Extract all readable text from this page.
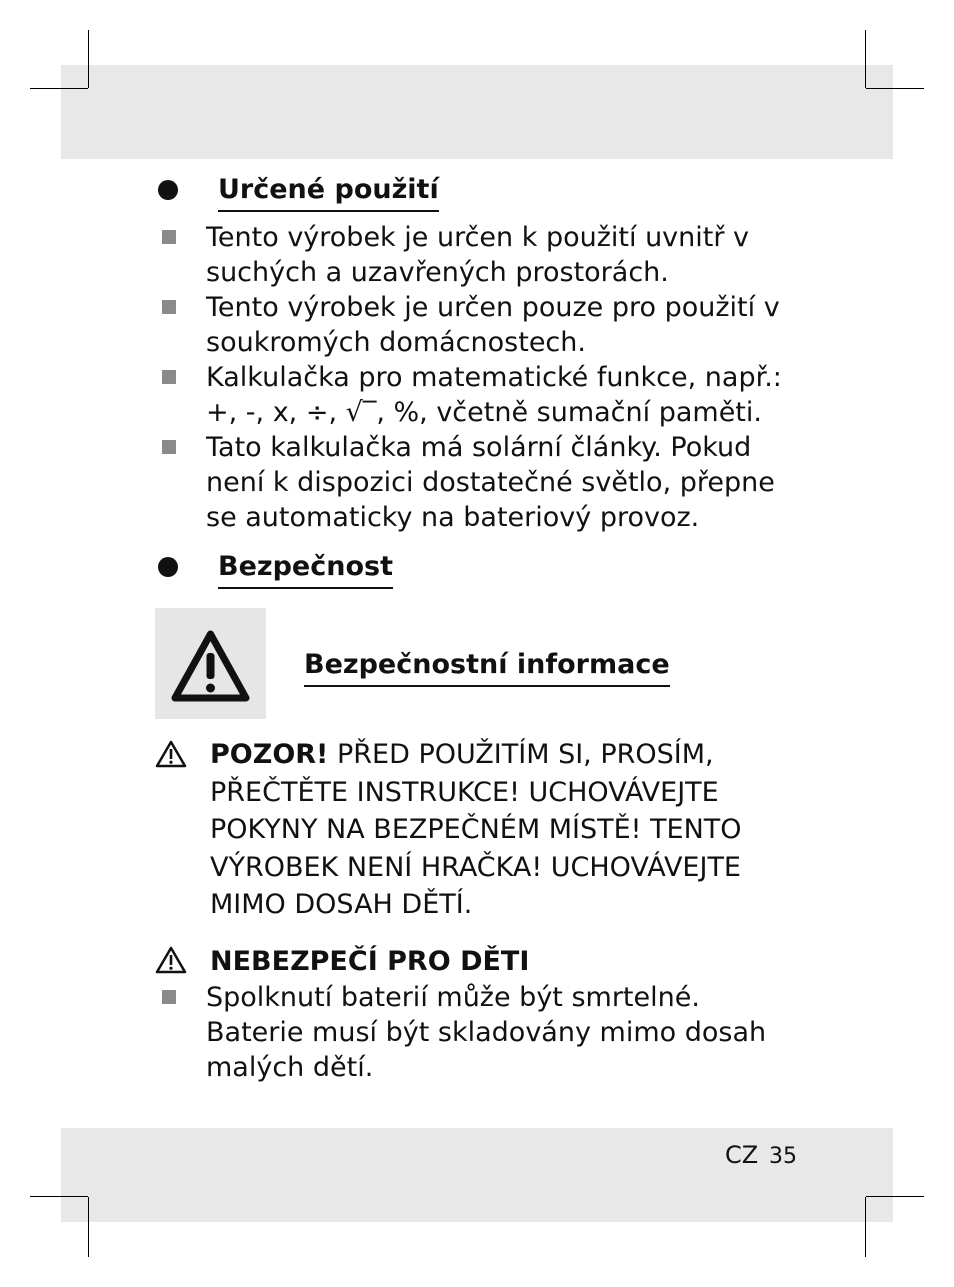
Určené použití
Tento výrobek je určen k použití uvnitř v suchých a uzavřených prostorách.
Tento výrobek je určen pouze pro použití v soukromých domácnostech.
Kalkulačka pro matematické funkce, např.: +, -, x, ÷, √‾, %, včetně sumační paměti.
Tato kalkulačka má solární články. Pokud není k dispozici dostatečné světlo, přepne se automaticky na bateriový provoz.
Bezpečnost
Bezpečnostní informace
POZOR! PŘED POUŽITÍM SI, PROSÍM, PŘEČTĚTE INSTRUKCE! UCHOVÁVEJTE POKYNY NA BEZPEČNÉM MÍSTĚ! TENTO VÝROBEK NENÍ HRAČKA! UCHOVÁVEJTE MIMO DOSAH DĚTÍ.
NEBEZPEČÍ PRO DĚTI
Spolknutí baterií může být smrtelné. Baterie musí být skladovány mimo dosah malých dětí.
CZ 35
